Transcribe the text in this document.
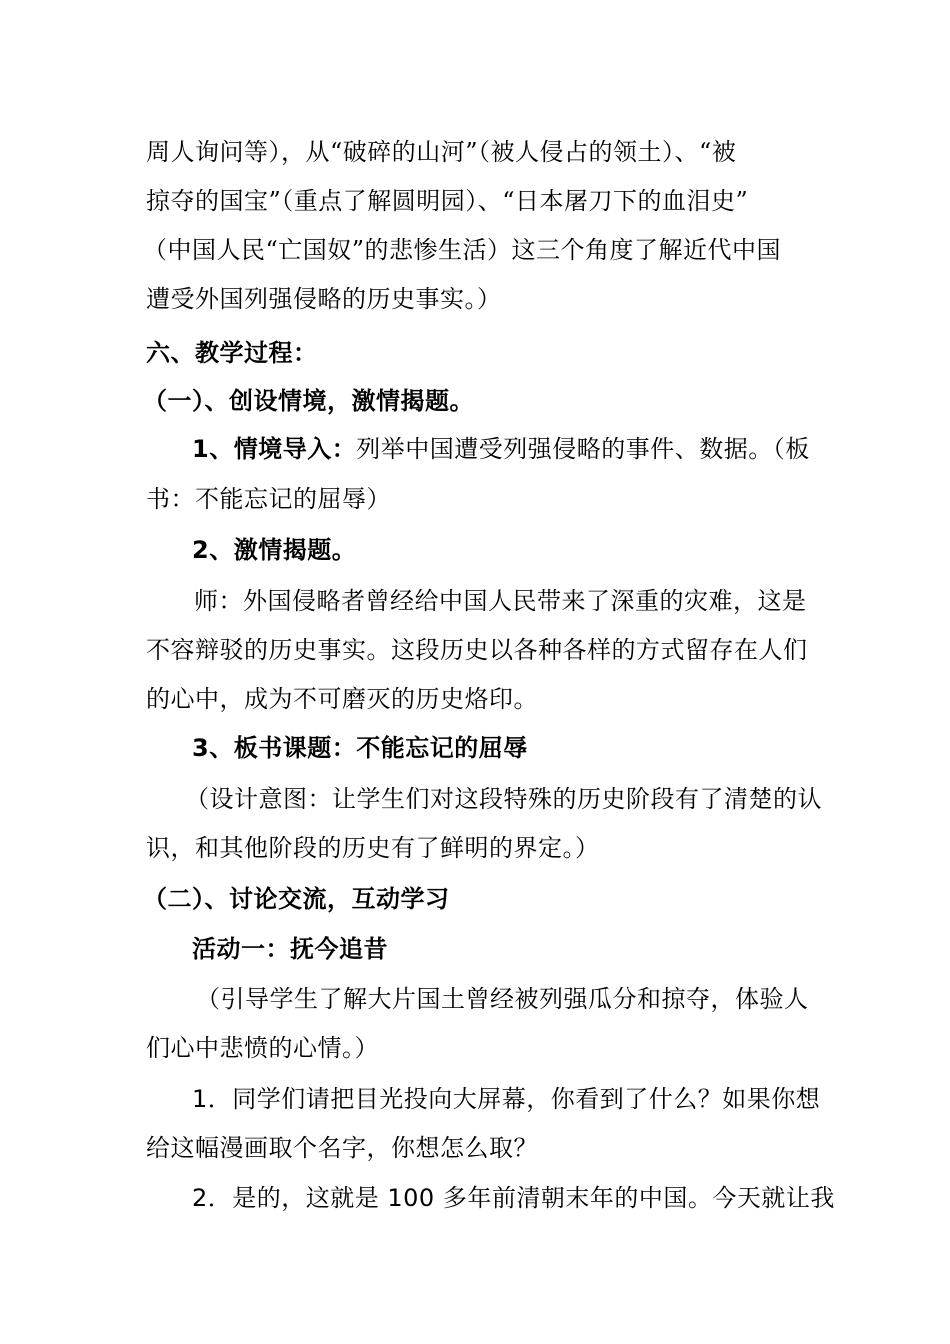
周人询问等），从“破碎的山河”（被人侵占的领土）、“被
掠夺的国宝”（重点了解圆明园）、“日本屠刀下的血泪史”
（中国人民“亡国奴”的悲惨生活）这三个角度了解近代中国
遭受外国列强侵略的历史事实。）
六、教学过程：
（一）、创设情境，激情揭题。
1、情境导入：列举中国遭受列强侵略的事件、数据。（板
书：不能忘记的屈辱）
2、激情揭题。
师：外国侵略者曾经给中国人民带来了深重的灾难，这是
不容辩驳的历史事实。这段历史以各种各样的方式留存在人们
的心中，成为不可磨灭的历史烙印。
3、板书课题：不能忘记的屈辱
（设计意图：让学生们对这段特殊的历史阶段有了清楚的认
识，和其他阶段的历史有了鲜明的界定。）
（二）、讨论交流，互动学习
活动一：抚今追昔
（引导学生了解大片国土曾经被列强瓜分和掠夺，体验人
们心中悲愤的心情。）
1．同学们请把目光投向大屏幕，你看到了什么？如果你想
给这幅漫画取个名字，你想怎么取？
2．是的，这就是 100 多年前清朝末年的中国。今天就让我
